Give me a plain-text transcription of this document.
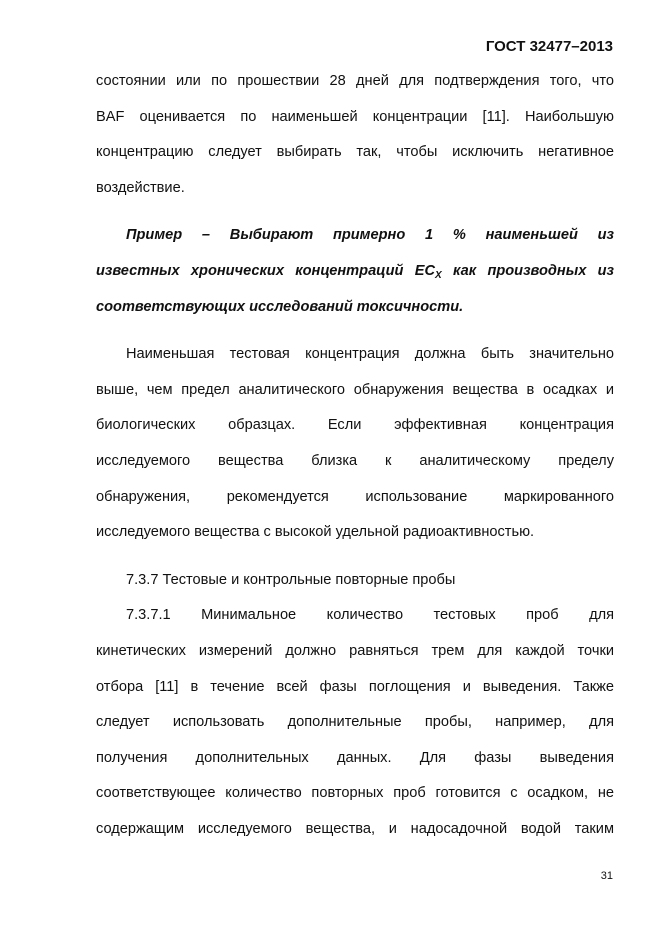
ГОСТ 32477–2013
состоянии или по прошествии 28 дней для подтверждения того, что
BAF оценивается по наименьшей концентрации [11]. Наибольшую
концентрацию следует выбирать так, чтобы исключить негативное
воздействие.
Пример – Выбирают примерно 1 % наименьшей из
известных хронических концентраций $EC_X$ как производных из
соответствующих исследований токсичности.
Наименьшая тестовая концентрация должна быть значительно
выше, чем предел аналитического обнаружения вещества в осадках и
биологических образцах. Если эффективная концентрация
исследуемого вещества близка к аналитическому пределу
обнаружения, рекомендуется использование маркированного
исследуемого вещества с высокой удельной радиоактивностью.
7.3.7 Тестовые и контрольные повторные пробы
7.3.7.1 Минимальное количество тестовых проб для
кинетических измерений должно равняться трем для каждой точки
отбора [11] в течение всей фазы поглощения и выведения. Также
следует использовать дополнительные пробы, например, для
получения дополнительных данных. Для фазы выведения
соответствующее количество повторных проб готовится с осадком, не
содержащим исследуемого вещества, и надосадочной водой таким
31
